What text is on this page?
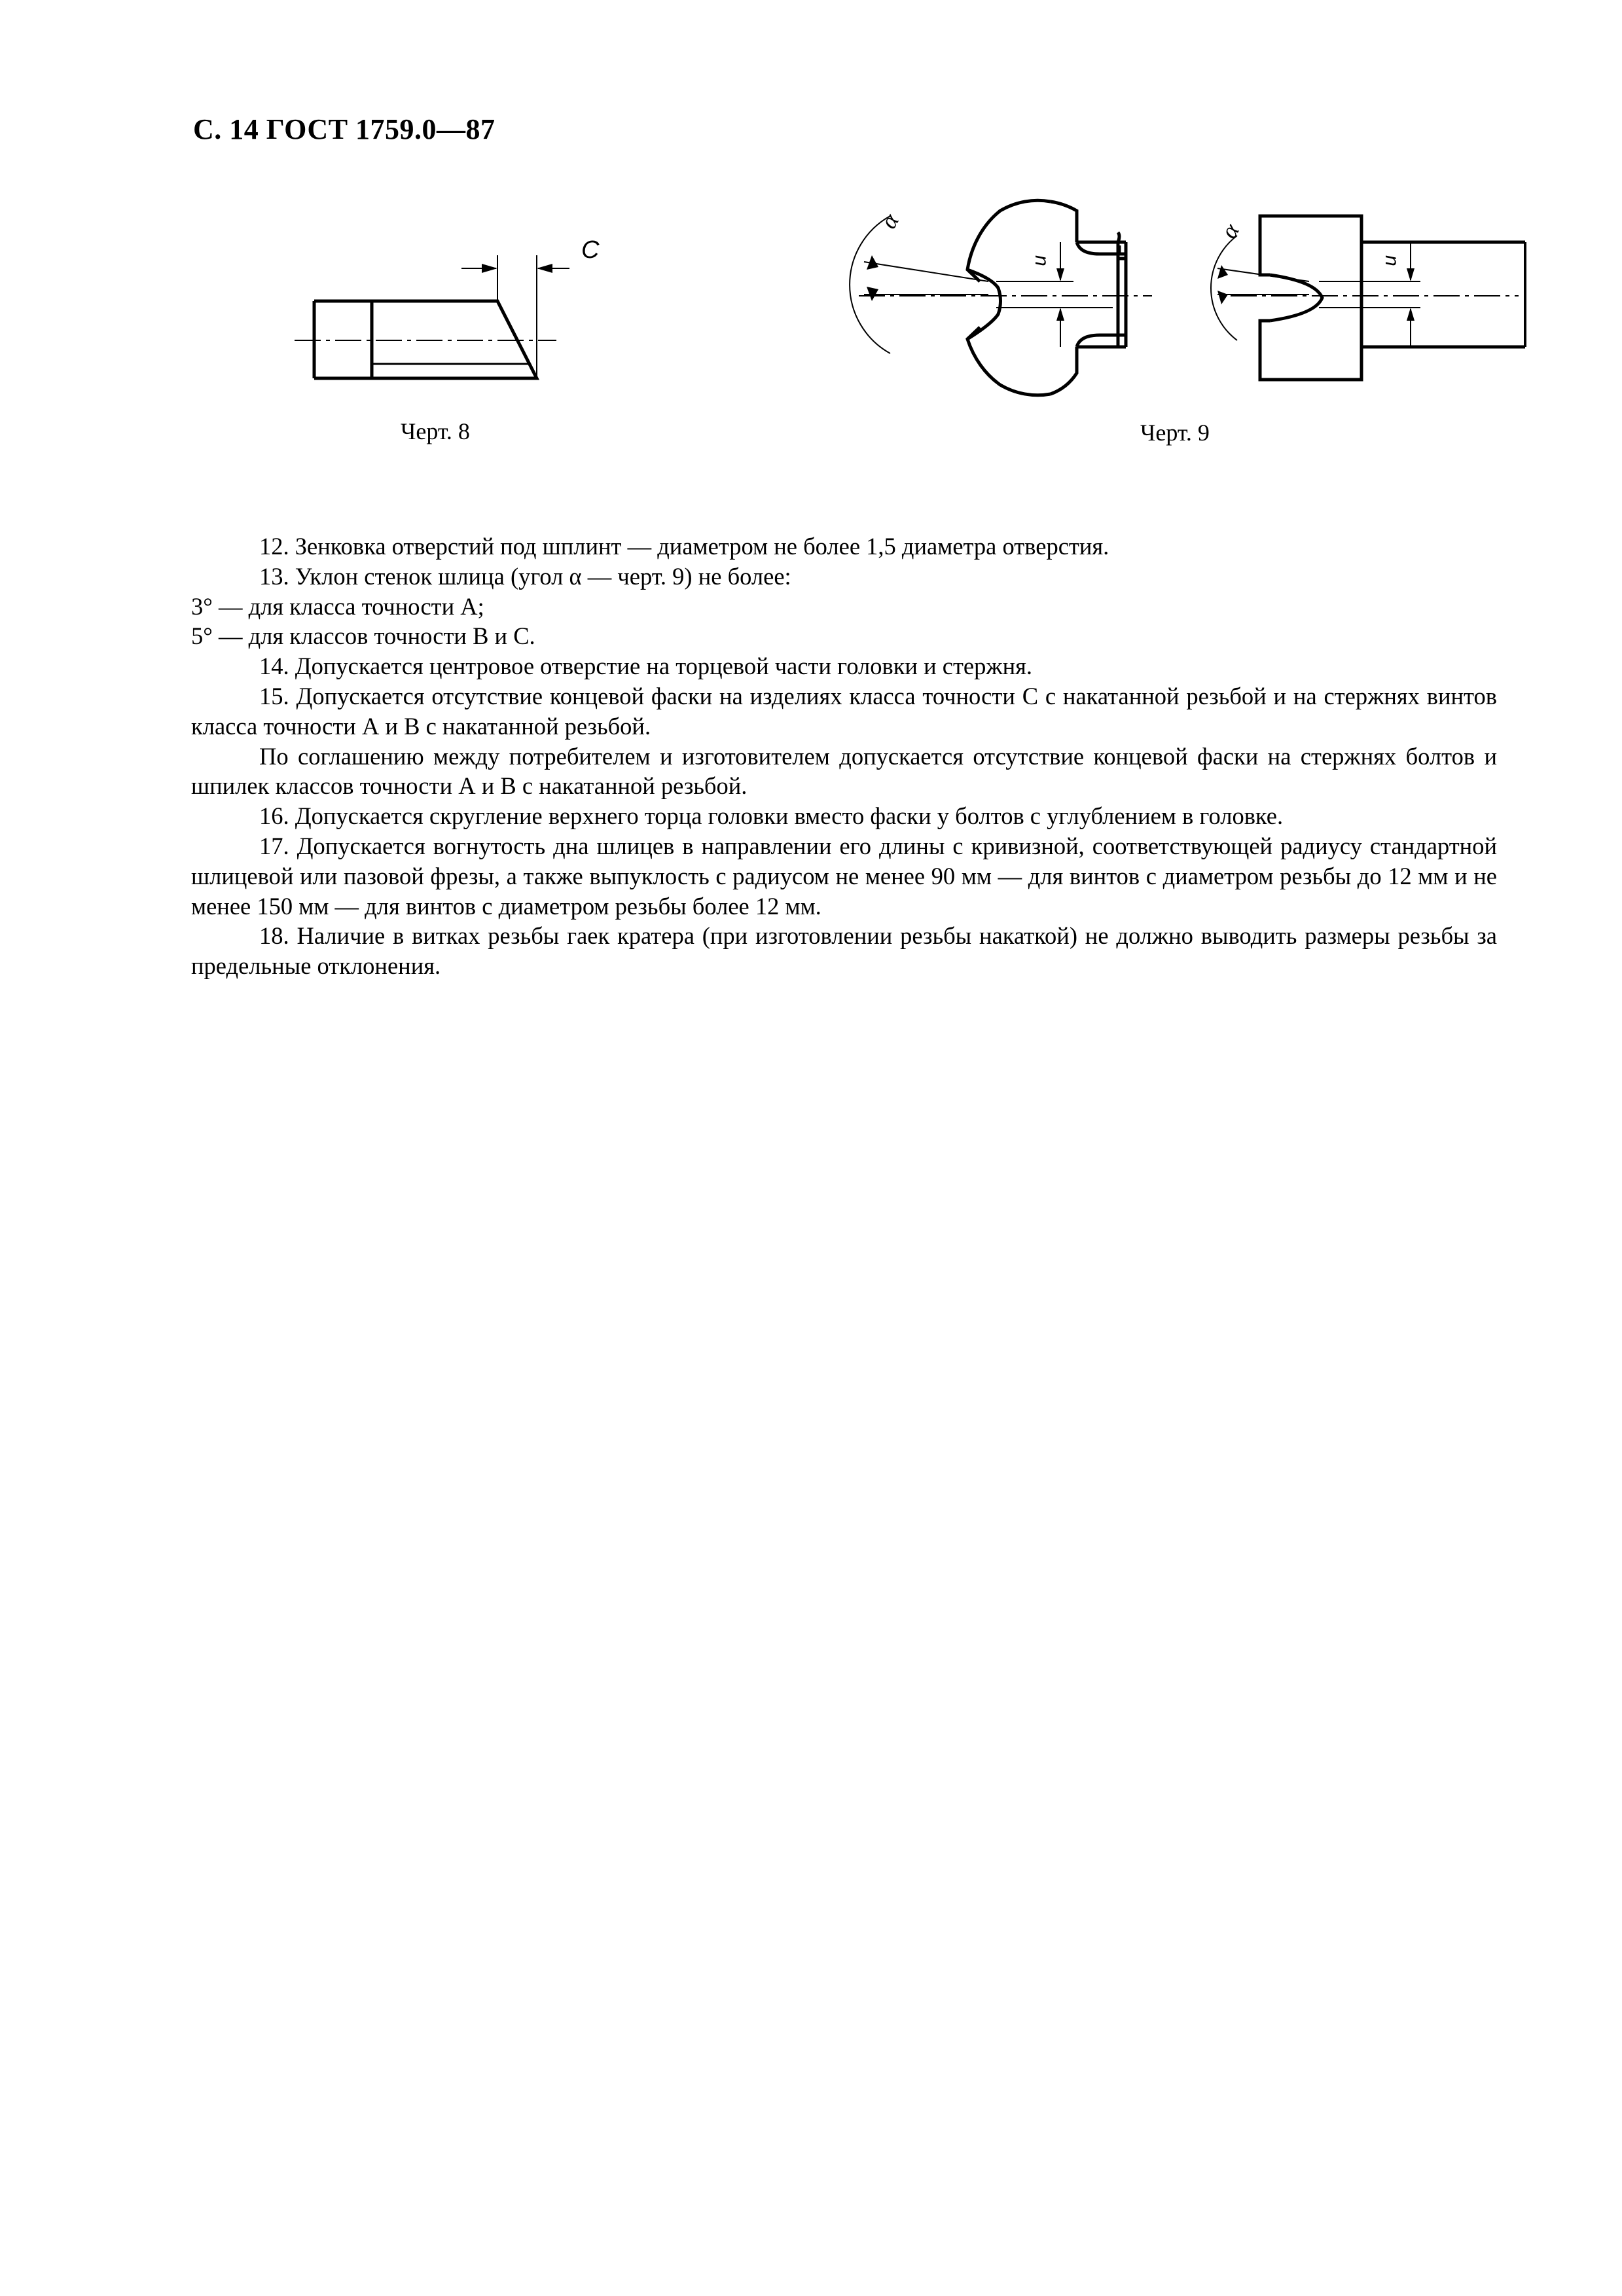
С. 14 ГОСТ 1759.0—87
C
Черт. 8
n
α
n
α
Черт. 9

12. Зенковка отверстий под шплинт — диаметром не более 1,5 диаметра отверстия.

13. Уклон стенок шлица (угол α — черт. 9) не более:

3° — для класса точности А;

5° — для классов точности В и С.

14. Допускается центровое отверстие на торцевой части головки и стержня.

15. Допускается отсутствие концевой фаски на изделиях класса точности С с накатанной резьбой и на стержнях винтов класса точности А и В с накатанной резьбой.

По соглашению между потребителем и изготовителем допускается отсутствие концевой фаски на стержнях болтов и шпилек классов точности А и В с накатанной резьбой.

16. Допускается скругление верхнего торца головки вместо фаски у болтов с углублением в головке.

17. Допускается вогнутость дна шлицев в направлении его длины с кривизной, соответствующей радиусу стандартной шлицевой или пазовой фрезы, а также выпуклость с радиусом не менее 90 мм — для винтов с диаметром резьбы до 12 мм и не менее 150 мм — для винтов с диаметром резьбы более 12 мм.

18. Наличие в витках резьбы гаек кратера (при изготовлении резьбы накаткой) не должно выводить размеры резьбы за предельные отклонения.
